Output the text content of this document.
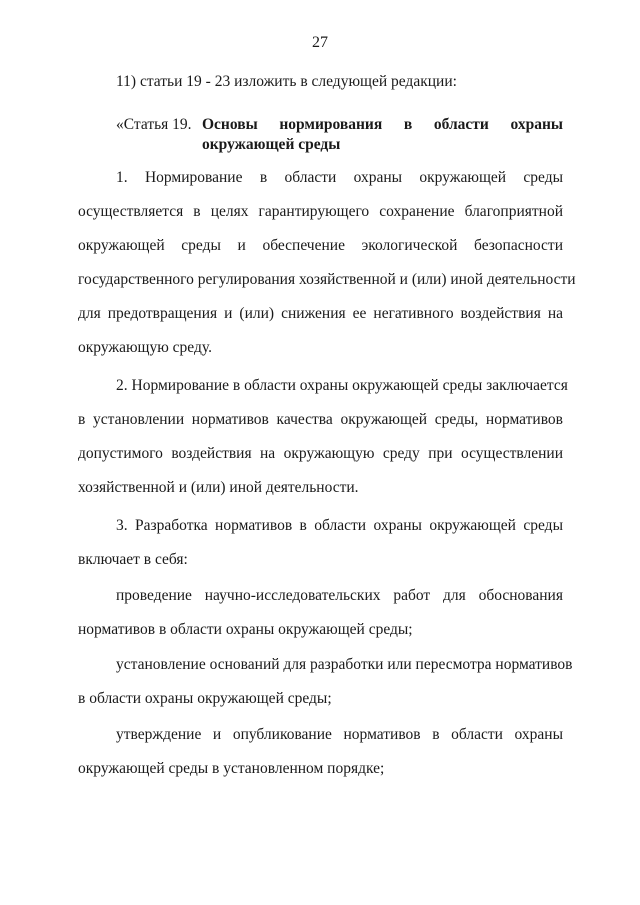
27
11) статьи 19 - 23 изложить в следующей редакции:
«Статья 19. Основы нормирования в области охраны
окружающей среды
1. Нормирование в области охраны окружающей среды
осуществляется в целях гарантирующего сохранение благоприятной
окружающей среды и обеспечение экологической безопасности
государственного регулирования хозяйственной и (или) иной деятельности
для предотвращения и (или) снижения ее негативного воздействия на
окружающую среду.
2. Нормирование в области охраны окружающей среды заключается
в установлении нормативов качества окружающей среды, нормативов
допустимого воздействия на окружающую среду при осуществлении
хозяйственной и (или) иной деятельности.
3. Разработка нормативов в области охраны окружающей среды
включает в себя:
проведение научно-исследовательских работ для обоснования
нормативов в области охраны окружающей среды;
установление оснований для разработки или пересмотра нормативов
в области охраны окружающей среды;
утверждение и опубликование нормативов в области охраны
окружающей среды в установленном порядке;
